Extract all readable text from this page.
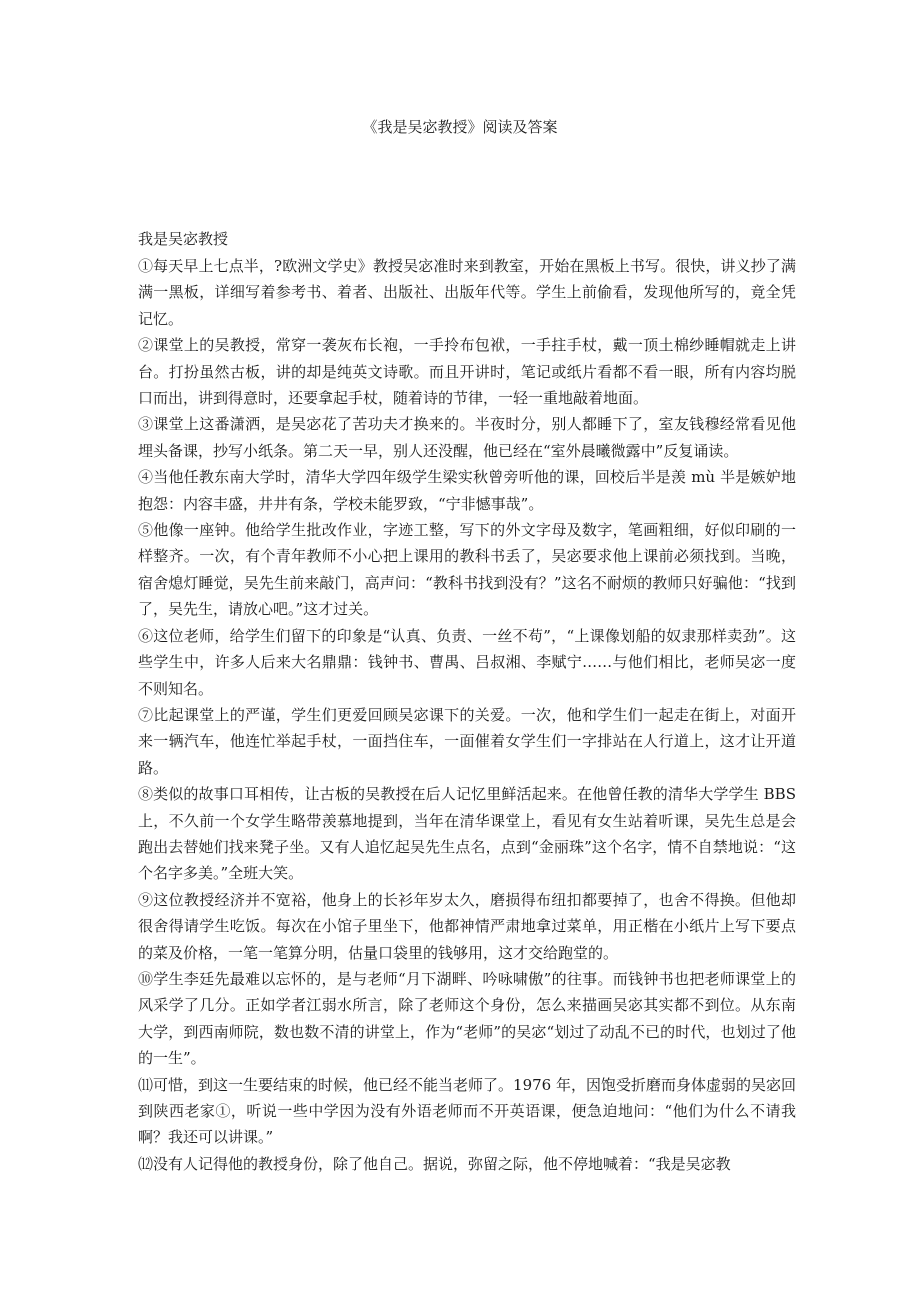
《我是吴宓教授》阅读及答案

我是吴宓教授

①每天早上七点半，?欧洲文学史》教授吴宓准时来到教室，开始在黑板上书写。很快，讲义抄了满满一黑板，详细写着参考书、着者、出版社、出版年代等。学生上前偷看，发现他所写的，竟全凭记忆。

②课堂上的吴教授，常穿一袭灰布长袍，一手拎布包袱，一手拄手杖，戴一顶土棉纱睡帽就走上讲台。打扮虽然古板，讲的却是纯英文诗歌。而且开讲时，笔记或纸片看都不看一眼，所有内容均脱口而出，讲到得意时，还要拿起手杖，随着诗的节律，一轻一重地敲着地面。

③课堂上这番潇洒，是吴宓花了苦功夫才换来的。半夜时分，别人都睡下了，室友钱穆经常看见他埋头备课，抄写小纸条。第二天一早，别人还没醒，他已经在“室外晨曦微露中”反复诵读。

④当他任教东南大学时，清华大学四年级学生梁实秋曾旁听他的课，回校后半是羡 mù 半是嫉妒地抱怨：内容丰盛，井井有条，学校未能罗致，“宁非憾事哉”。

⑤他像一座钟。他给学生批改作业，字迹工整，写下的外文字母及数字，笔画粗细，好似印刷的一样整齐。一次，有个青年教师不小心把上课用的教科书丢了，吴宓要求他上课前必须找到。当晚，宿舍熄灯睡觉，吴先生前来敲门，高声问：“教科书找到没有？”这名不耐烦的教师只好骗他：“找到了，吴先生，请放心吧。”这才过关。

⑥这位老师，给学生们留下的印象是“认真、负责、一丝不苟”，“上课像划船的奴隶那样卖劲”。这些学生中，许多人后来大名鼎鼎：钱钟书、曹禺、吕叔湘、李赋宁……与他们相比，老师吴宓一度不则知名。

⑦比起课堂上的严谨，学生们更爱回顾吴宓课下的关爱。一次，他和学生们一起走在街上，对面开来一辆汽车，他连忙举起手杖，一面挡住车，一面催着女学生们一字排站在人行道上，这才让开道路。

⑧类似的故事口耳相传，让古板的吴教授在后人记忆里鲜活起来。在他曾任教的清华大学学生 BBS 上，不久前一个女学生略带羡慕地提到，当年在清华课堂上，看见有女生站着听课，吴先生总是会跑出去替她们找来凳子坐。又有人追忆起吴先生点名，点到“金丽珠”这个名字，情不自禁地说：“这个名字多美。”全班大笑。

⑨这位教授经济并不宽裕，他身上的长衫年岁太久，磨损得布纽扣都要掉了，也舍不得换。但他却很舍得请学生吃饭。每次在小馆子里坐下，他都神情严肃地拿过菜单，用正楷在小纸片上写下要点的菜及价格，一笔一笔算分明，估量口袋里的钱够用，这才交给跑堂的。

⑩学生李廷先最难以忘怀的，是与老师“月下湖畔、吟咏啸傲”的往事。而钱钟书也把老师课堂上的风采学了几分。正如学者江弱水所言，除了老师这个身份，怎么来描画吴宓其实都不到位。从东南大学，到西南师院，数也数不清的讲堂上，作为“老师”的吴宓“划过了动乱不已的时代，也划过了他的一生”。

⑾可惜，到这一生要结束的时候，他已经不能当老师了。1976 年，因饱受折磨而身体虚弱的吴宓回到陕西老家①，听说一些中学因为没有外语老师而不开英语课，便急迫地问：“他们为什么不请我啊？我还可以讲课。”

⑿没有人记得他的教授身份，除了他自己。据说，弥留之际，他不停地喊着：“我是吴宓教
